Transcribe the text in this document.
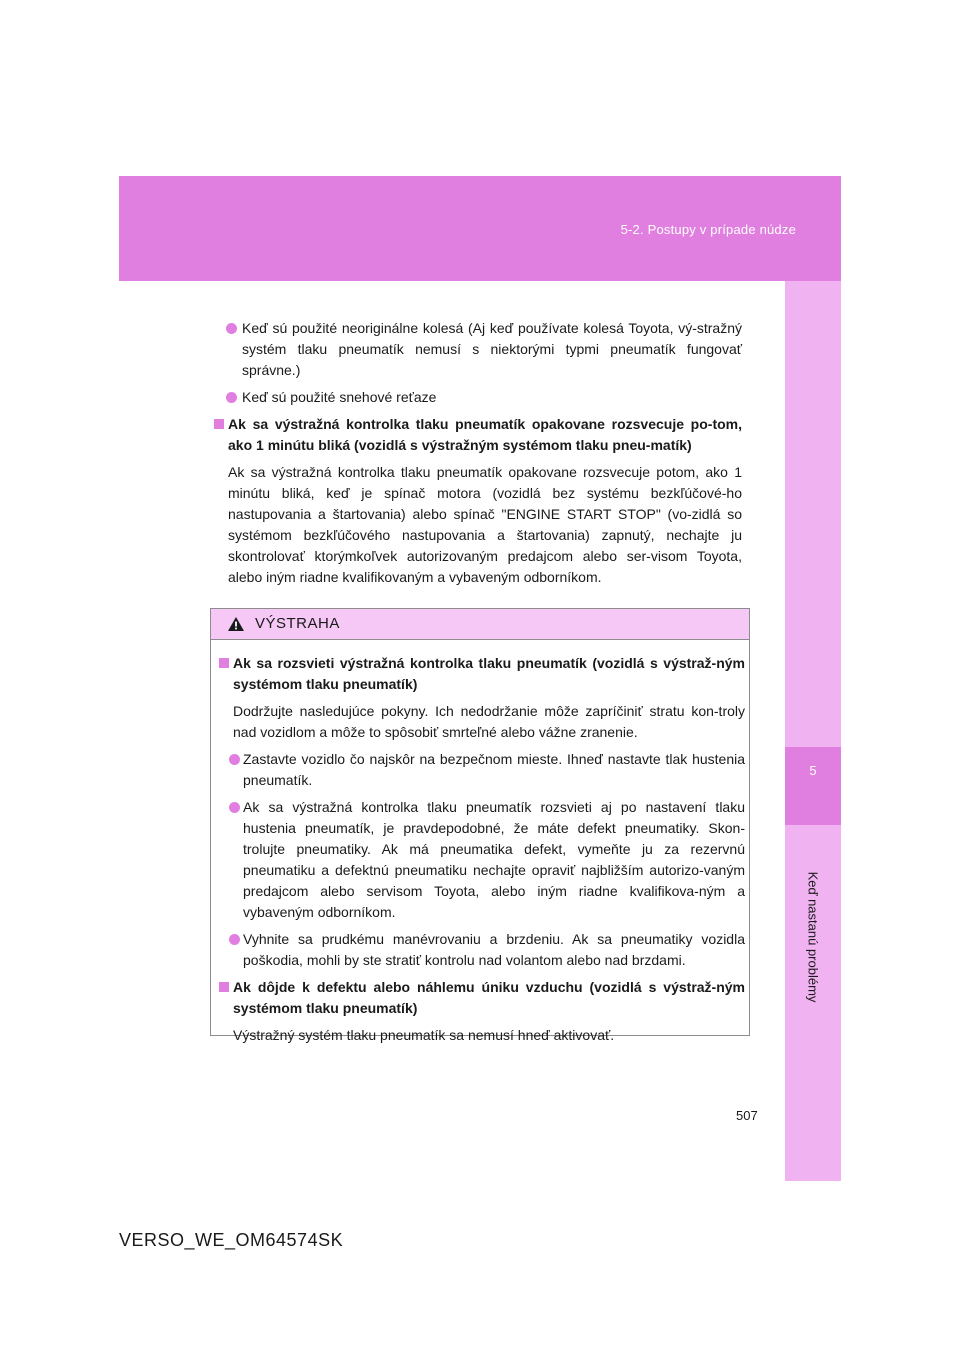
5-2. Postupy v prípade núdze
5
Keď nastanú problémy
Keď sú použité neoriginálne kolesá (Aj keď používate kolesá Toyota, vý-stražný systém tlaku pneumatík nemusí s niektorými typmi pneumatík fungovať správne.)
Keď sú použité snehové reťaze
Ak sa výstražná kontrolka tlaku pneumatík opakovane rozsvecuje po-tom, ako 1 minútu bliká (vozidlá s výstražným systémom tlaku pneu-matík)
Ak sa výstražná kontrolka tlaku pneumatík opakovane rozsvecuje potom, ako 1 minútu bliká, keď je spínač motora (vozidlá bez systému bezkľúčové-ho nastupovania a štartovania) alebo spínač "ENGINE START STOP" (vo-zidlá so systémom bezkľúčového nastupovania a štartovania) zapnutý, nechajte ju skontrolovať ktorýmkoľvek autorizovaným predajcom alebo ser-visom Toyota, alebo iným riadne kvalifikovaným a vybaveným odborníkom.
VÝSTRAHA
Ak sa rozsvieti výstražná kontrolka tlaku pneumatík (vozidlá s výstraž-ným systémom tlaku pneumatík)
Dodržujte nasledujúce pokyny. Ich nedodržanie môže zapríčiniť stratu kon-troly nad vozidlom a môže to spôsobiť smrteľné alebo vážne zranenie.
Zastavte vozidlo čo najskôr na bezpečnom mieste. Ihneď nastavte tlak hustenia pneumatík.
Ak sa výstražná kontrolka tlaku pneumatík rozsvieti aj po nastavení tlaku hustenia pneumatík, je pravdepodobné, že máte defekt pneumatiky. Skon-trolujte pneumatiky. Ak má pneumatika defekt, vymeňte ju za rezervnú pneumatiku a defektnú pneumatiku nechajte opraviť najbližším autorizo-vaným predajcom alebo servisom Toyota, alebo iným riadne kvalifikova-ným a vybaveným odborníkom.
Vyhnite sa prudkému manévrovaniu a brzdeniu. Ak sa pneumatiky vozidla poškodia, mohli by ste stratiť kontrolu nad volantom alebo nad brzdami.
Ak dôjde k defektu alebo náhlemu úniku vzduchu (vozidlá s výstraž-ným systémom tlaku pneumatík)
Výstražný systém tlaku pneumatík sa nemusí hneď aktivovať.
507
VERSO_WE_OM64574SK
